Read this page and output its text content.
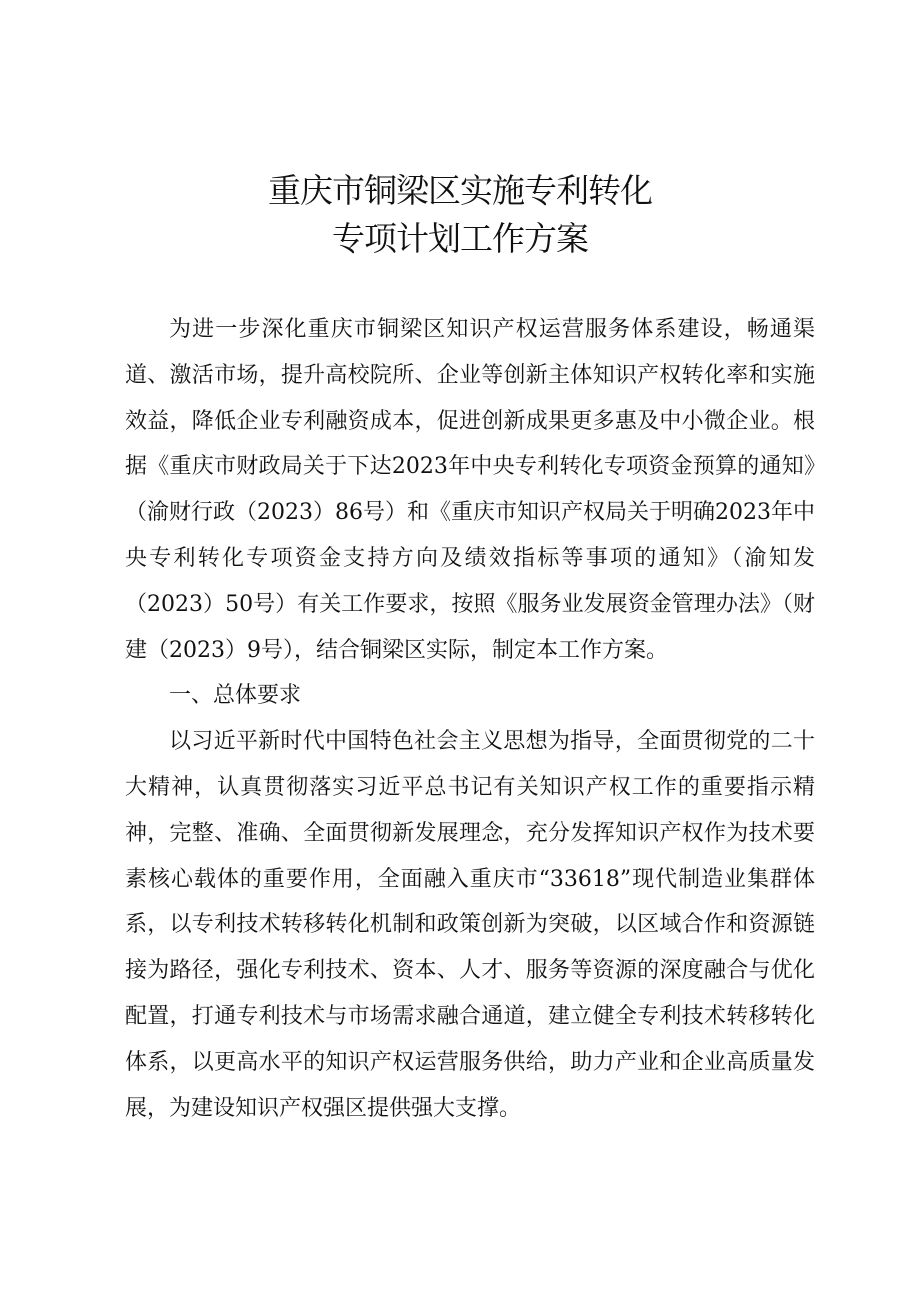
重庆市铜梁区实施专利转化
专项计划工作方案

为进一步深化重庆市铜梁区知识产权运营服务体系建设，畅通渠道、激活市场，提升高校院所、企业等创新主体知识产权转化率和实施效益，降低企业专利融资成本，促进创新成果更多惠及中小微企业。根据《重庆市财政局关于下达2023年中央专利转化专项资金预算的通知》（渝财行政（2023）86号）和《重庆市知识产权局关于明确2023年中央专利转化专项资金支持方向及绩效指标等事项的通知》（渝知发（2023）50号）有关工作要求，按照《服务业发展资金管理办法》（财建（2023）9号），结合铜梁区实际，制定本工作方案。

一、总体要求

以习近平新时代中国特色社会主义思想为指导，全面贯彻党的二十大精神，认真贯彻落实习近平总书记有关知识产权工作的重要指示精神，完整、准确、全面贯彻新发展理念，充分发挥知识产权作为技术要素核心载体的重要作用，全面融入重庆市“33618”现代制造业集群体系，以专利技术转移转化机制和政策创新为突破，以区域合作和资源链接为路径，强化专利技术、资本、人才、服务等资源的深度融合与优化配置，打通专利技术与市场需求融合通道，建立健全专利技术转移转化体系，以更高水平的知识产权运营服务供给，助力产业和企业高质量发展，为建设知识产权强区提供强大支撑。
